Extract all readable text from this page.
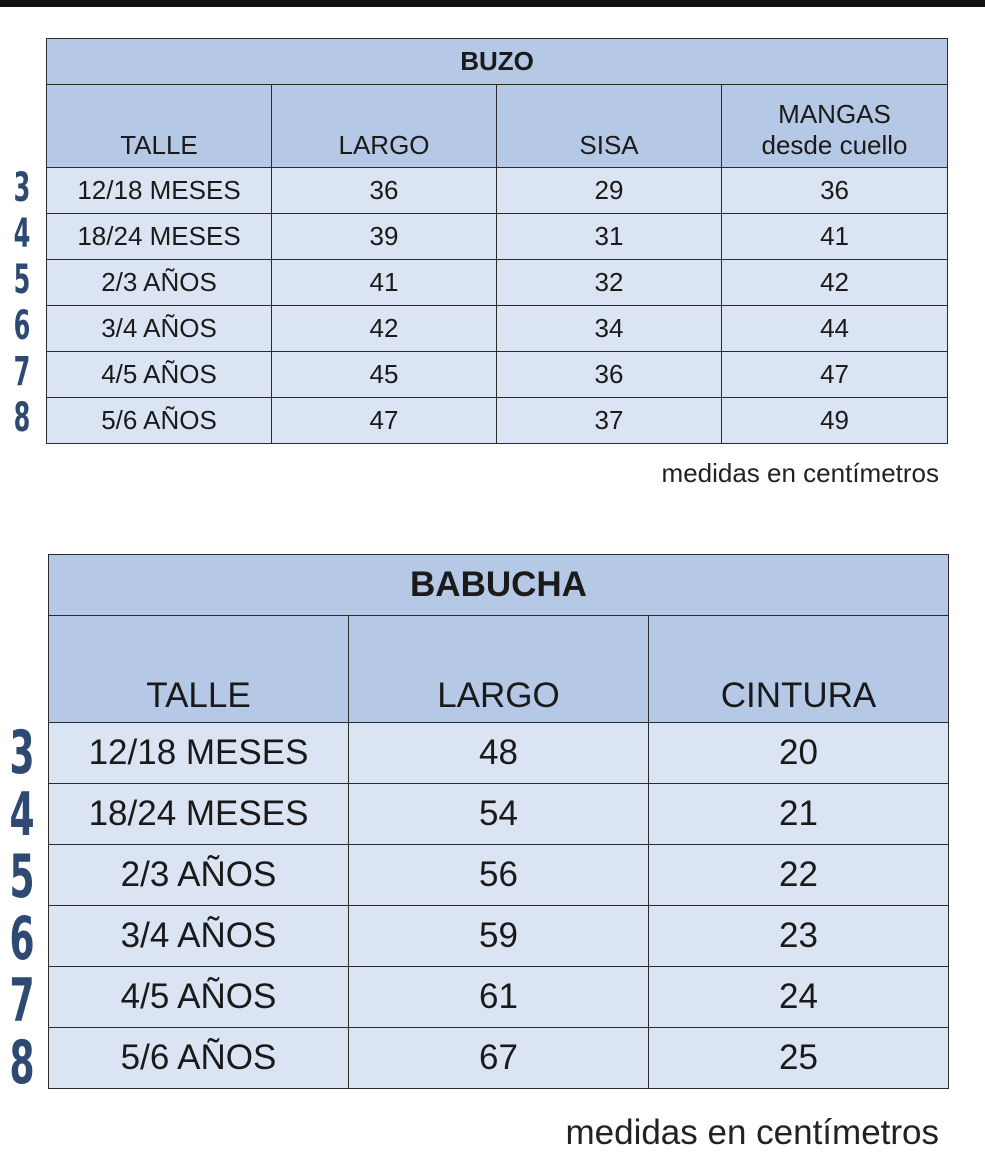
BUZO			
TALLE	LARGO	SISA	MANGAS
desde cuello
12/18 MESES	36	29	36
18/24 MESES	39	31	41
2/3 AÑOS	41	32	42
3/4 AÑOS	42	34	44
4/5 AÑOS	45	36	47
5/6 AÑOS	47	37	49
3
4
5
6
7
8
medidas en centímetros
BABUCHA		
TALLE	LARGO	CINTURA
12/18 MESES	48	20
18/24 MESES	54	21
2/3 AÑOS	56	22
3/4 AÑOS	59	23
4/5 AÑOS	61	24
5/6 AÑOS	67	25
3
4
5
6
7
8
medidas en centímetros
